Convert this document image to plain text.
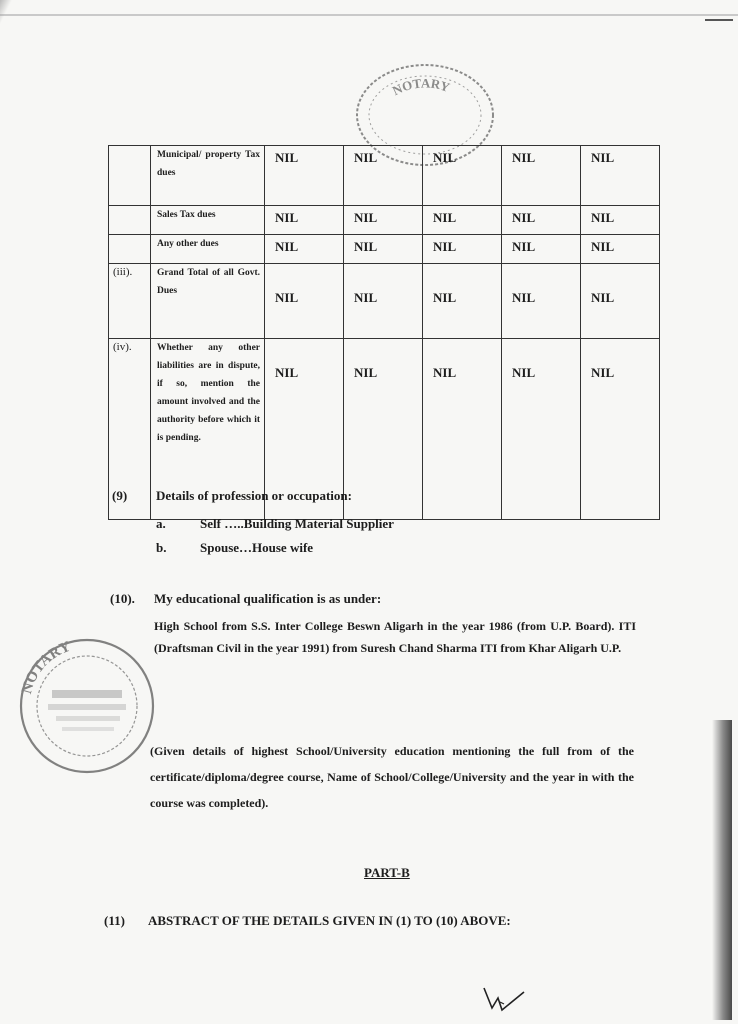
NOTARY
NOTARY
	Municipal/ property Tax dues	NIL	NIL	NIL	NIL	NIL
	Sales Tax dues	NIL	NIL	NIL	NIL	NIL
	Any other dues	NIL	NIL	NIL	NIL	NIL
(iii).	Grand Total of all Govt. Dues	NIL	NIL	NIL	NIL	NIL
(iv).	Whether any other liabilities are in dispute, if so, mention the amount involved and the authority before which it is pending.	NIL	NIL	NIL	NIL	NIL
(9) Details of profession or occupation:
a.	Self …..Building Material Supplier
b.	Spouse…House wife
(10). My educational qualification is as under:
High School from S.S. Inter College Beswn Aligarh in the year 1986 (from U.P. Board). ITI (Draftsman Civil in the year 1991) from Suresh Chand Sharma ITI from Khar Aligarh U.P.
(Given details of highest School/University education mentioning the full from of the certificate/diploma/degree course, Name of School/College/University and the year in with the course was completed).
PART-B
(11) ABSTRACT OF THE DETAILS GIVEN IN (1) TO (10) ABOVE:
